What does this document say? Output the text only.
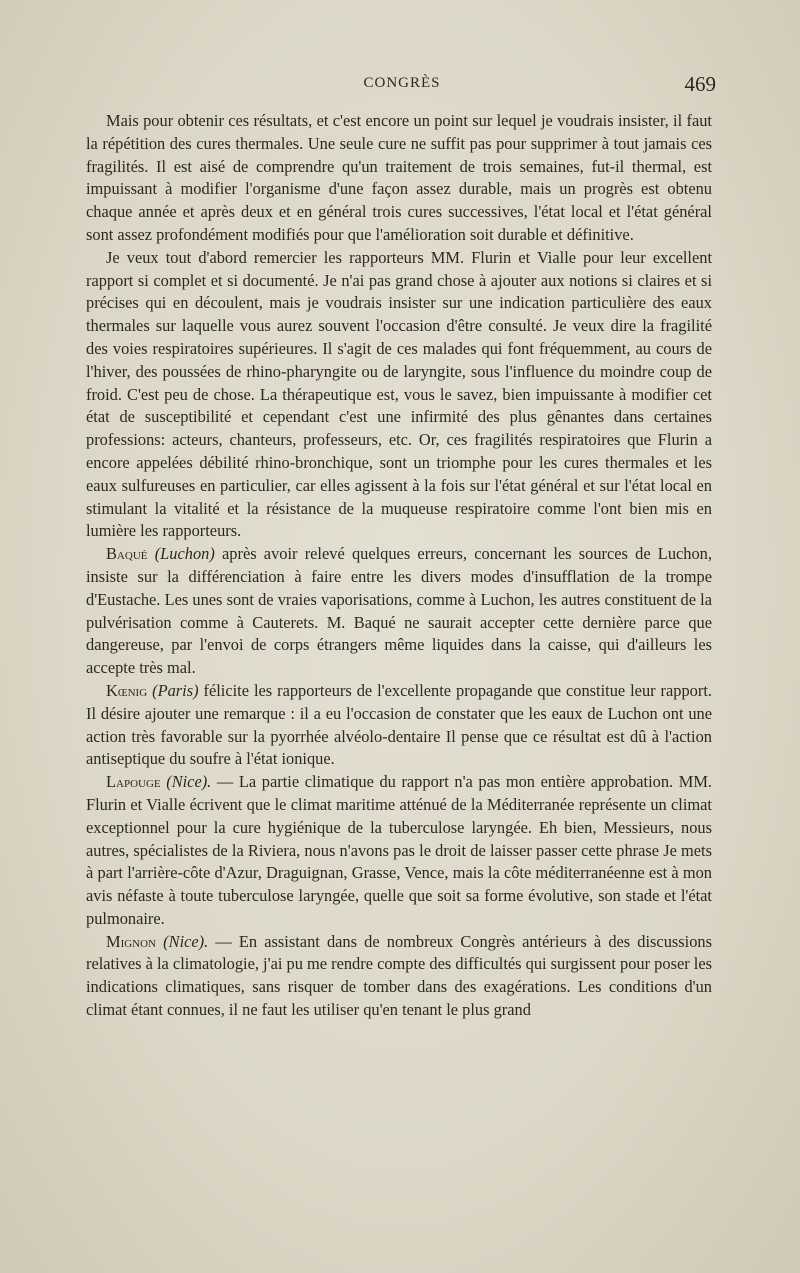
CONGRÈS	469

Mais pour obtenir ces résultats, et c'est encore un point sur lequel je voudrais insister, il faut la répétition des cures thermales. Une seule cure ne suffit pas pour supprimer à tout jamais ces fragilités. Il est aisé de comprendre qu'un traitement de trois semaines, fut-il thermal, est impuissant à modifier l'organisme d'une façon assez durable, mais un progrès est obtenu chaque année et après deux et en général trois cures successives, l'état local et l'état général sont assez profondément modifiés pour que l'amélioration soit durable et définitive.

Je veux tout d'abord remercier les rapporteurs MM. Flurin et Vialle pour leur excellent rapport si complet et si documenté. Je n'ai pas grand chose à ajouter aux notions si claires et si précises qui en découlent, mais je voudrais insister sur une indication particulière des eaux thermales sur laquelle vous aurez souvent l'occasion d'être consulté. Je veux dire la fragilité des voies respiratoires supérieures. Il s'agit de ces malades qui font fréquemment, au cours de l'hiver, des poussées de rhino-pharyngite ou de laryngite, sous l'influence du moindre coup de froid. C'est peu de chose. La thérapeutique est, vous le savez, bien impuissante à modifier cet état de susceptibilité et cependant c'est une infirmité des plus gênantes dans certaines professions: acteurs, chanteurs, professeurs, etc. Or, ces fragilités respiratoires que Flurin a encore appelées débilité rhino-bronchique, sont un triomphe pour les cures thermales et les eaux sulfureuses en particulier, car elles agissent à la fois sur l'état général et sur l'état local en stimulant la vitalité et la résistance de la muqueuse respiratoire comme l'ont bien mis en lumière les rapporteurs.

Baqué (Luchon) après avoir relevé quelques erreurs, concernant les sources de Luchon, insiste sur la différenciation à faire entre les divers modes d'insufflation de la trompe d'Eustache. Les unes sont de vraies vaporisations, comme à Luchon, les autres constituent de la pulvérisation comme à Cauterets. M. Baqué ne saurait accepter cette dernière parce que dangereuse, par l'envoi de corps étrangers même liquides dans la caisse, qui d'ailleurs les accepte très mal.

Kœnig (Paris) félicite les rapporteurs de l'excellente propagande que constitue leur rapport. Il désire ajouter une remarque : il a eu l'occasion de constater que les eaux de Luchon ont une action très favorable sur la pyorrhée alvéolo-dentaire Il pense que ce résultat est dû à l'action antiseptique du soufre à l'état ionique.

Lapouge (Nice). — La partie climatique du rapport n'a pas mon entière approbation. MM. Flurin et Vialle écrivent que le climat maritime atténué de la Méditerranée représente un climat exceptionnel pour la cure hygiénique de la tuberculose laryngée. Eh bien, Messieurs, nous autres, spécialistes de la Riviera, nous n'avons pas le droit de laisser passer cette phrase Je mets à part l'arrière-côte d'Azur, Draguignan, Grasse, Vence, mais la côte méditerranéenne est à mon avis néfaste à toute tuberculose laryngée, quelle que soit sa forme évolutive, son stade et l'état pulmonaire.

Mignon (Nice). — En assistant dans de nombreux Congrès antérieurs à des discussions relatives à la climatologie, j'ai pu me rendre compte des difficultés qui surgissent pour poser les indications climatiques, sans risquer de tomber dans des exagérations. Les conditions d'un climat étant connues, il ne faut les utiliser qu'en tenant le plus grand
